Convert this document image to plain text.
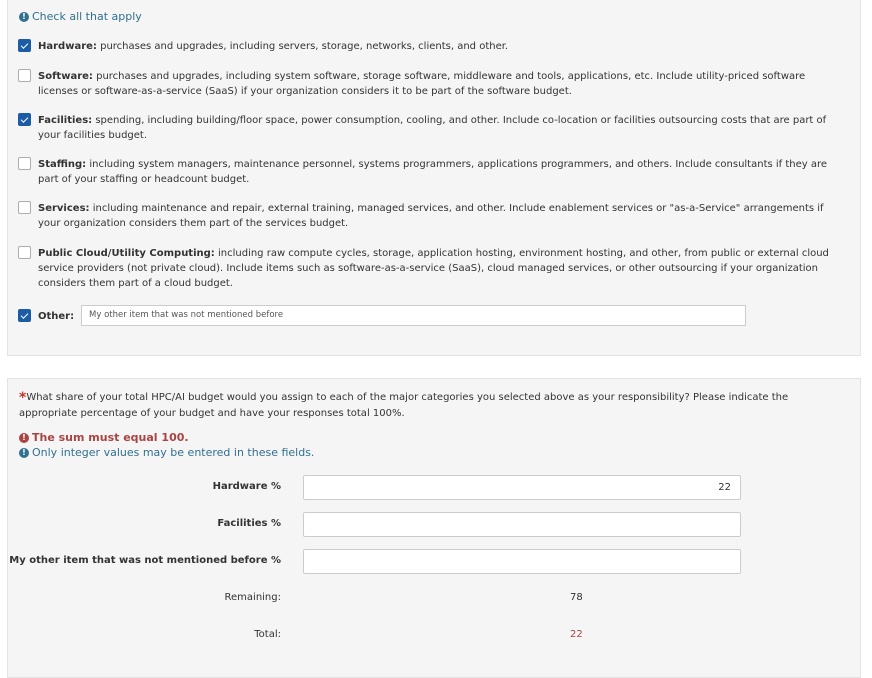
! Check all that apply
Hardware: purchases and upgrades, including servers, storage, networks, clients, and other.
Software: purchases and upgrades, including system software, storage software, middleware and tools, applications, etc. Include utility-priced software licenses or software-as-a-service (SaaS) if your organization considers it to be part of the software budget.
Facilities: spending, including building/floor space, power consumption, cooling, and other. Include co-location or facilities outsourcing costs that are part of your facilities budget.
Staffing: including system managers, maintenance personnel, systems programmers, applications programmers, and others. Include consultants if they are part of your staffing or headcount budget.
Services: including maintenance and repair, external training, managed services, and other. Include enablement services or "as-a-Service" arrangements if your organization considers them part of the services budget.
Public Cloud/Utility Computing: including raw compute cycles, storage, application hosting, environment hosting, and other, from public or external cloud service providers (not private cloud). Include items such as software-as-a-service (SaaS), cloud managed services, or other outsourcing if your organization considers them part of a cloud budget.
Other:	My other item that was not mentioned before
*What share of your total HPC/AI budget would you assign to each of the major categories you selected above as your responsibility? Please indicate the appropriate percentage of your budget and have your responses total 100%.
! The sum must equal 100.
! Only integer values may be entered in these fields.
Hardware %	22
Facilities %
My other item that was not mentioned before %
Remaining:	78
Total:	22
